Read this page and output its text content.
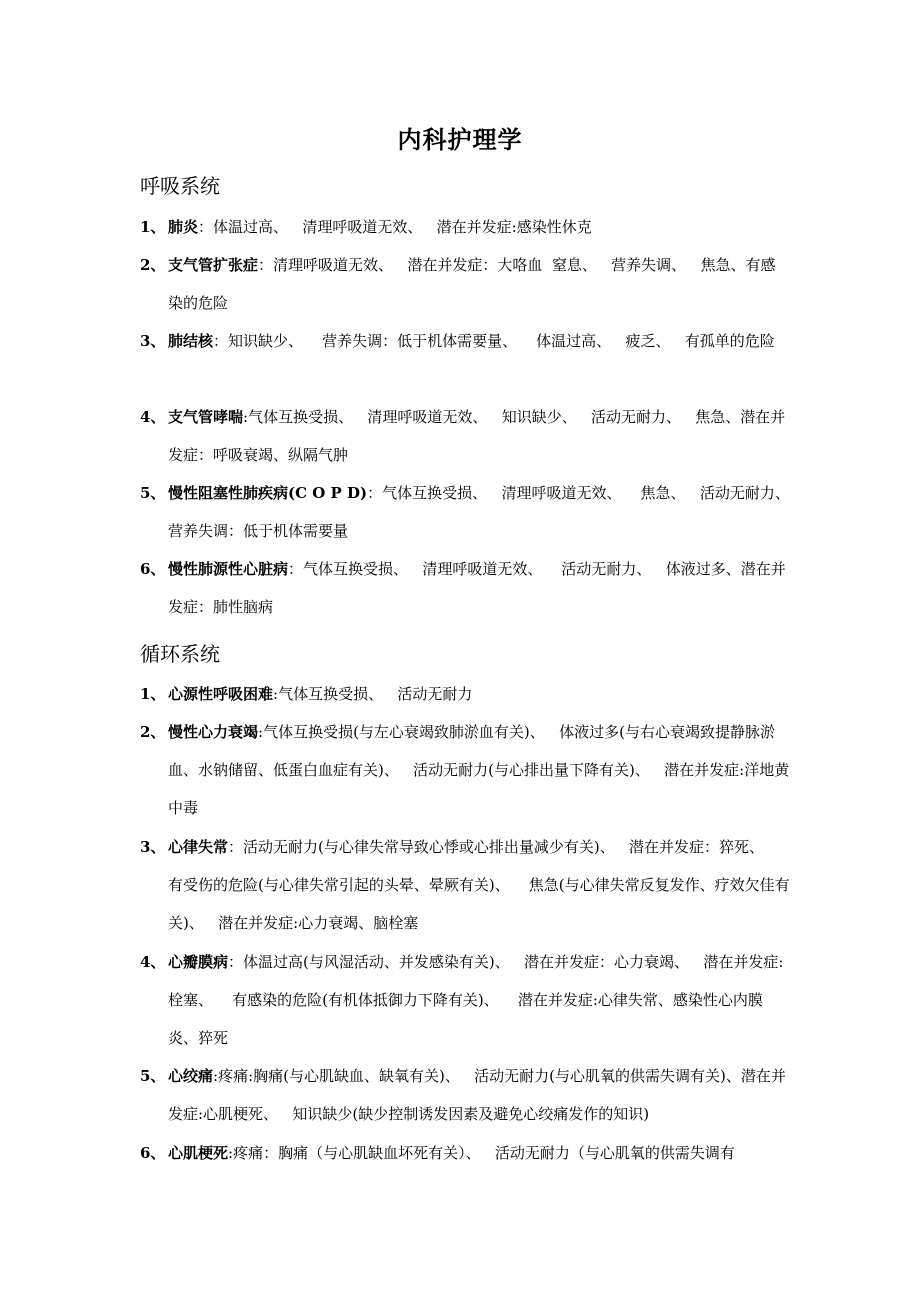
内科护理学
呼吸系统
1、 肺炎：体温过高、   清理呼吸道无效、   潜在并发症:感染性休克
2、 支气管扩张症：清理呼吸道无效、   潜在并发症：大咯血  窒息、   营养失调、   焦急、有感染的危险
3、 肺结核：知识缺少、    营养失调：低于机体需要量、    体温过高、   疲乏、   有孤单的危险
4、 支气管哮喘:气体互换受损、   清理呼吸道无效、   知识缺少、   活动无耐力、   焦急、潜在并发症：呼吸衰竭、纵隔气肿
5、 慢性阻塞性肺疾病(C O P D)：气体互换受损、   清理呼吸道无效、    焦急、   活动无耐力、    营养失调：低于机体需要量
6、 慢性肺源性心脏病：气体互换受损、   清理呼吸道无效、    活动无耐力、   体液过多、潜在并发症：肺性脑病
循环系统
1、 心源性呼吸困难:气体互换受损、   活动无耐力
2、 慢性心力衰竭:气体互换受损(与左心衰竭致肺淤血有关)、   体液过多(与右心衰竭致提静脉淤血、水钠储留、低蛋白血症有关)、   活动无耐力(与心排出量下降有关)、   潜在并发症:洋地黄中毒
3、 心律失常：活动无耐力(与心律失常导致心悸或心排出量减少有关)、   潜在并发症：猝死、   有受伤的危险(与心律失常引起的头晕、晕厥有关)、    焦急(与心律失常反复发作、疗效欠佳有关)、   潜在并发症:心力衰竭、脑栓塞
4、 心瓣膜病：体温过高(与风湿活动、并发感染有关)、   潜在并发症：心力衰竭、   潜在并发症:栓塞、    有感染的危险(有机体抵御力下降有关)、    潜在并发症:心律失常、感染性心内膜炎、猝死
5、 心绞痛:疼痛:胸痛(与心肌缺血、缺氧有关)、   活动无耐力(与心肌氧的供需失调有关)、潜在并发症:心肌梗死、   知识缺少(缺少控制诱发因素及避免心绞痛发作的知识)
6、 心肌梗死:疼痛：胸痛（与心肌缺血坏死有关）、   活动无耐力（与心肌氧的供需失调有
